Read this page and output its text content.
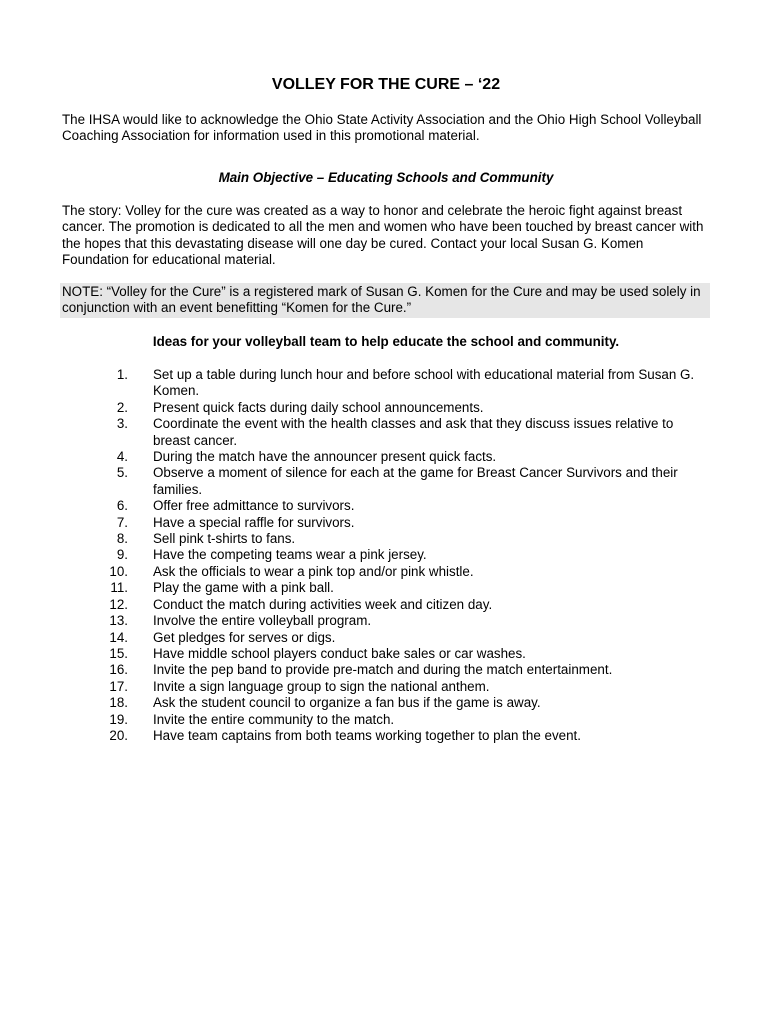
VOLLEY FOR THE CURE – ‘22
The IHSA would like to acknowledge the Ohio State Activity Association and the Ohio High School Volleyball Coaching Association for information used in this promotional material.
Main Objective – Educating Schools and Community
The story: Volley for the cure was created as a way to honor and celebrate the heroic fight against breast cancer. The promotion is dedicated to all the men and women who have been touched by breast cancer with the hopes that this devastating disease will one day be cured. Contact your local Susan G. Komen Foundation for educational material.
NOTE: “Volley for the Cure” is a registered mark of Susan G. Komen for the Cure and may be used solely in conjunction with an event benefitting “Komen for the Cure.”
Ideas for your volleyball team to help educate the school and community.
1. Set up a table during lunch hour and before school with educational material from Susan G. Komen.
2. Present quick facts during daily school announcements.
3. Coordinate the event with the health classes and ask that they discuss issues relative to breast cancer.
4. During the match have the announcer present quick facts.
5. Observe a moment of silence for each at the game for Breast Cancer Survivors and their families.
6. Offer free admittance to survivors.
7. Have a special raffle for survivors.
8. Sell pink t-shirts to fans.
9. Have the competing teams wear a pink jersey.
10. Ask the officials to wear a pink top and/or pink whistle.
11. Play the game with a pink ball.
12. Conduct the match during activities week and citizen day.
13. Involve the entire volleyball program.
14. Get pledges for serves or digs.
15. Have middle school players conduct bake sales or car washes.
16. Invite the pep band to provide pre-match and during the match entertainment.
17. Invite a sign language group to sign the national anthem.
18. Ask the student council to organize a fan bus if the game is away.
19. Invite the entire community to the match.
20. Have team captains from both teams working together to plan the event.
